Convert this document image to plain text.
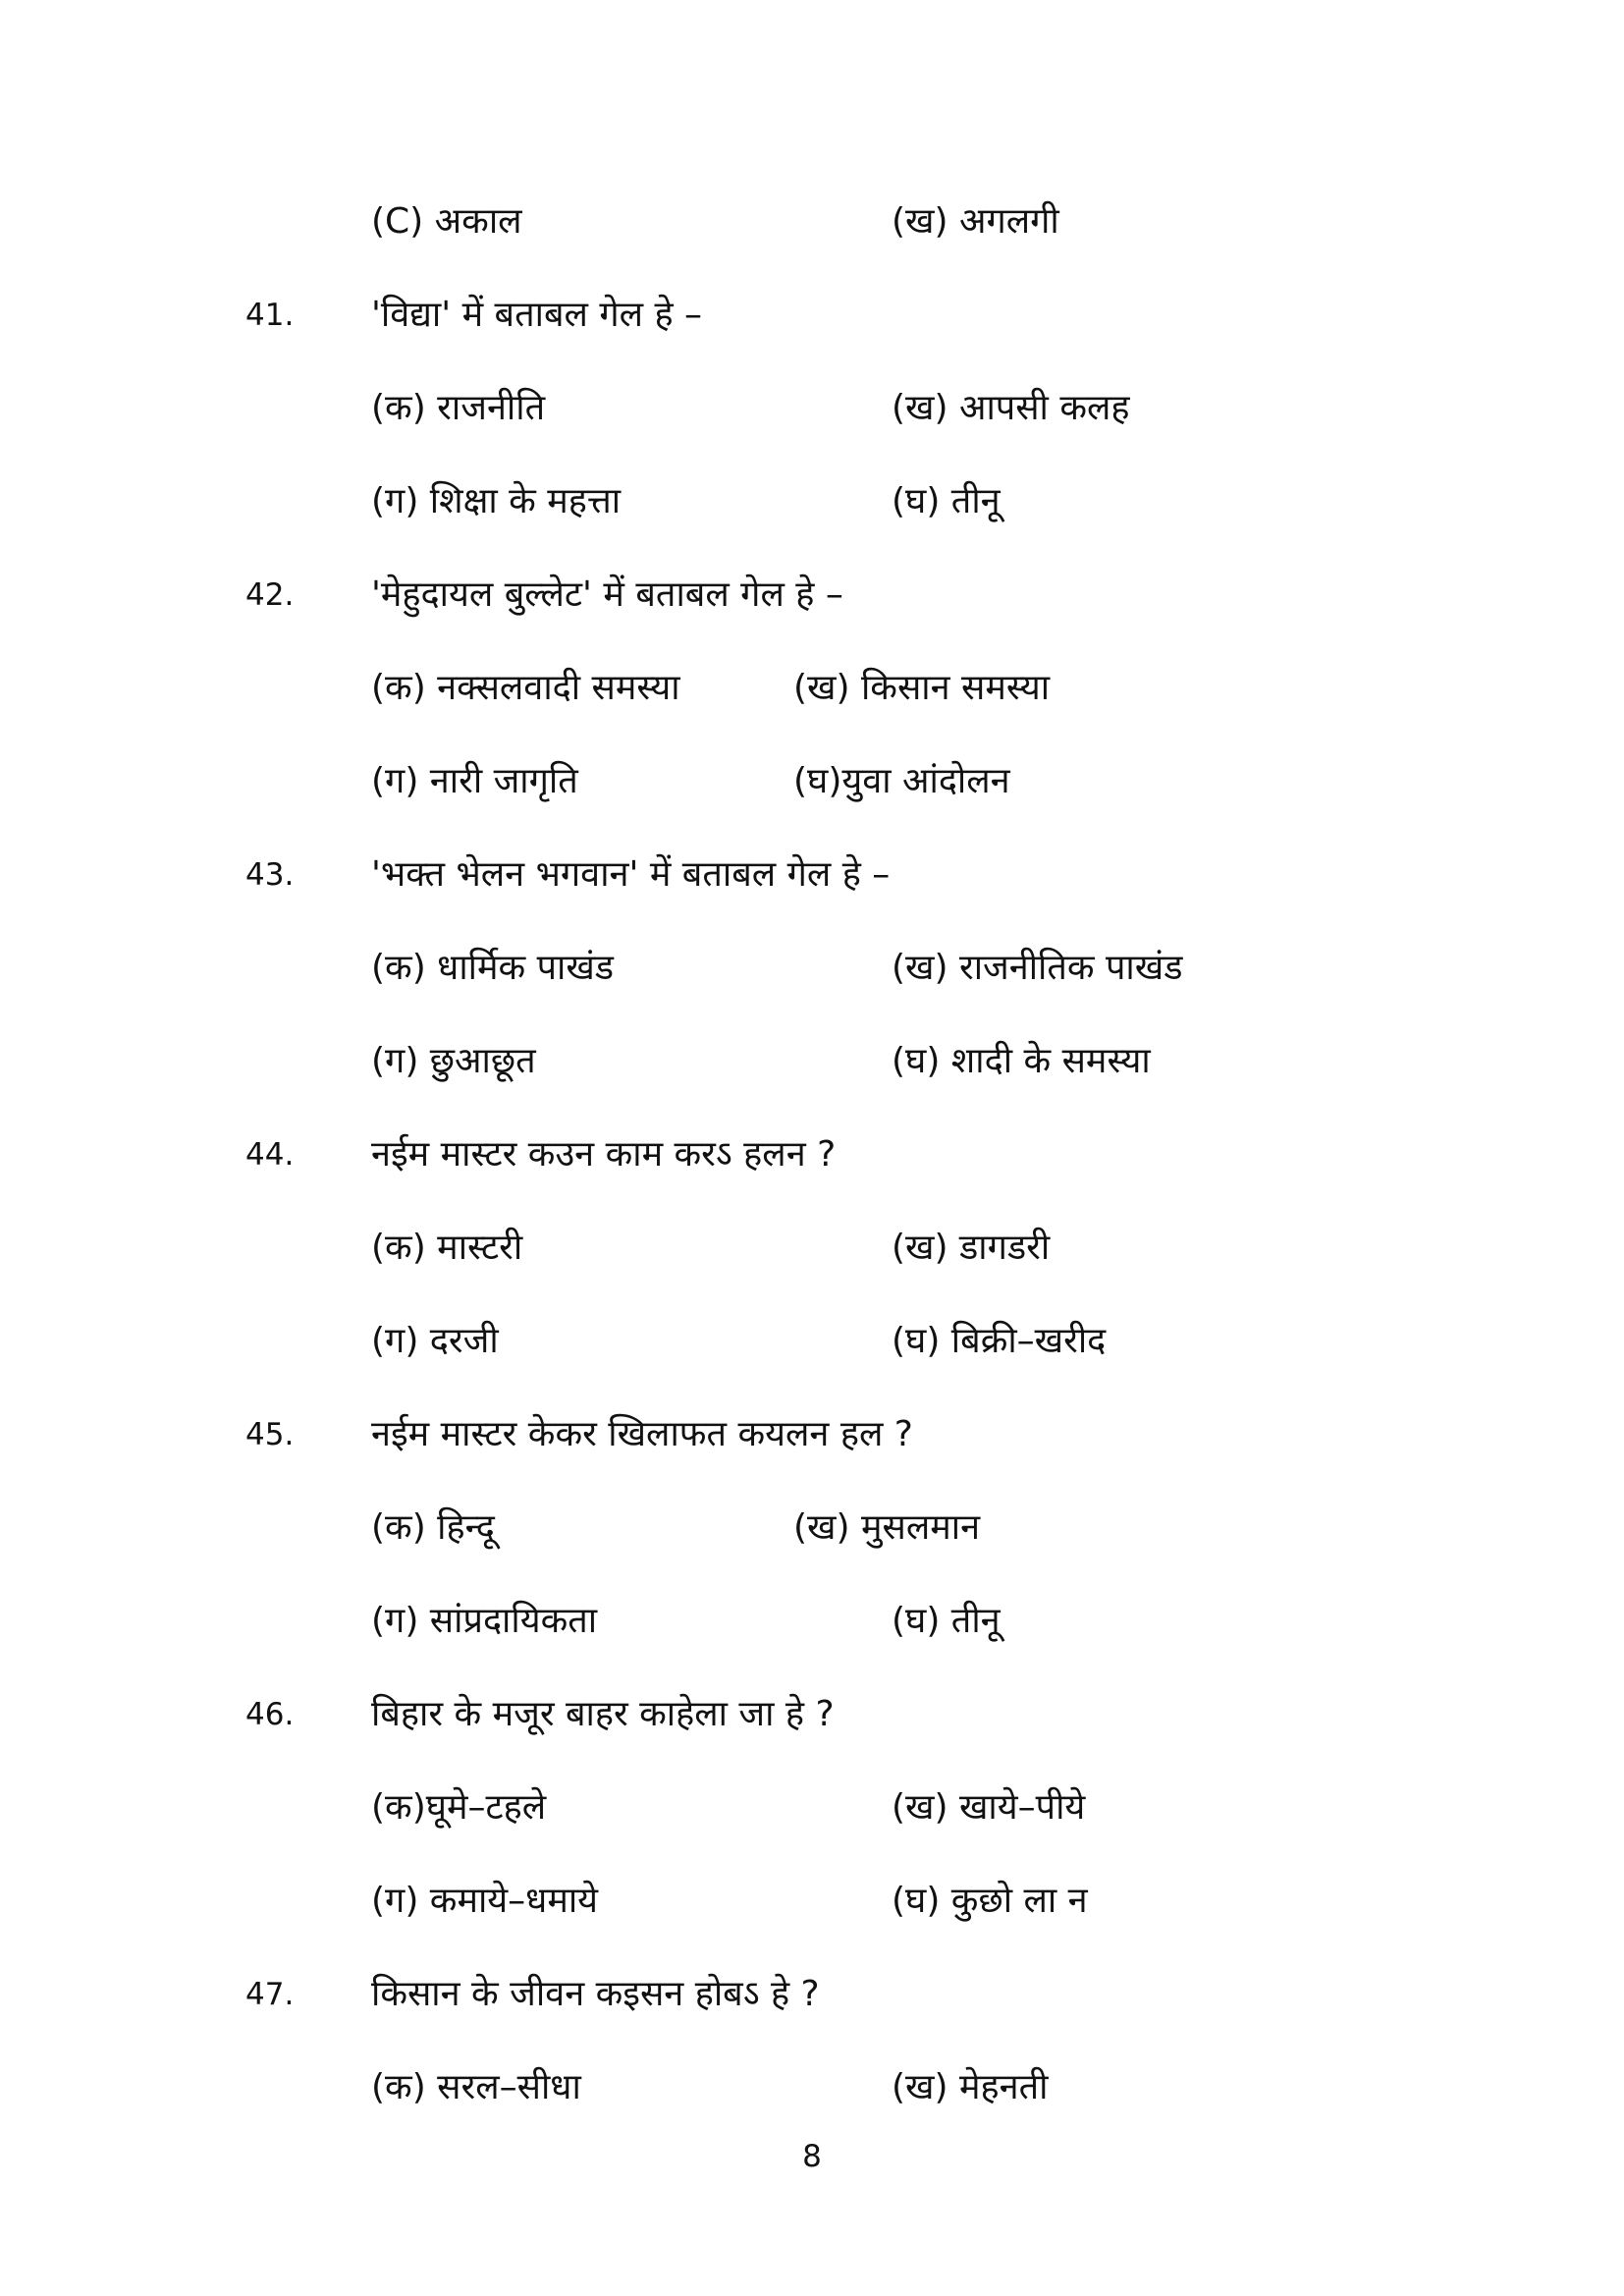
(C) अकाल	(ख) अगलगी
41. 'विद्या' में बताबल गेल हे –
(क) राजनीति	(ख) आपसी कलह
(ग) शिक्षा के महत्ता	(घ) तीनू
42. 'मेहुदायल बुल्लेट' में बताबल गेल हे –
(क) नक्सलवादी समस्या	(ख) किसान समस्या
(ग) नारी जागृति	(घ)युवा आंदोलन
43. 'भक्त भेलन भगवान' में बताबल गेल हे –
(क) धार्मिक पाखंड	(ख) राजनीतिक पाखंड
(ग) छुआछूत	(घ) शादी के समस्या
44. नईम मास्टर कउन काम करऽ हलन ?
(क) मास्टरी	(ख) डागडरी
(ग) दरजी	(घ) बिक्री–खरीद
45. नईम मास्टर केकर खिलाफत कयलन हल ?
(क) हिन्दू	(ख) मुसलमान
(ग) सांप्रदायिकता	(घ) तीनू
46. बिहार के मजूर बाहर काहेला जा हे ?
(क)घूमे–टहले	(ख) खाये–पीये
(ग) कमाये–धमाये	(घ) कुछो ला न
47. किसान के जीवन कइसन होबऽ हे ?
(क) सरल–सीधा	(ख) मेहनती
8
